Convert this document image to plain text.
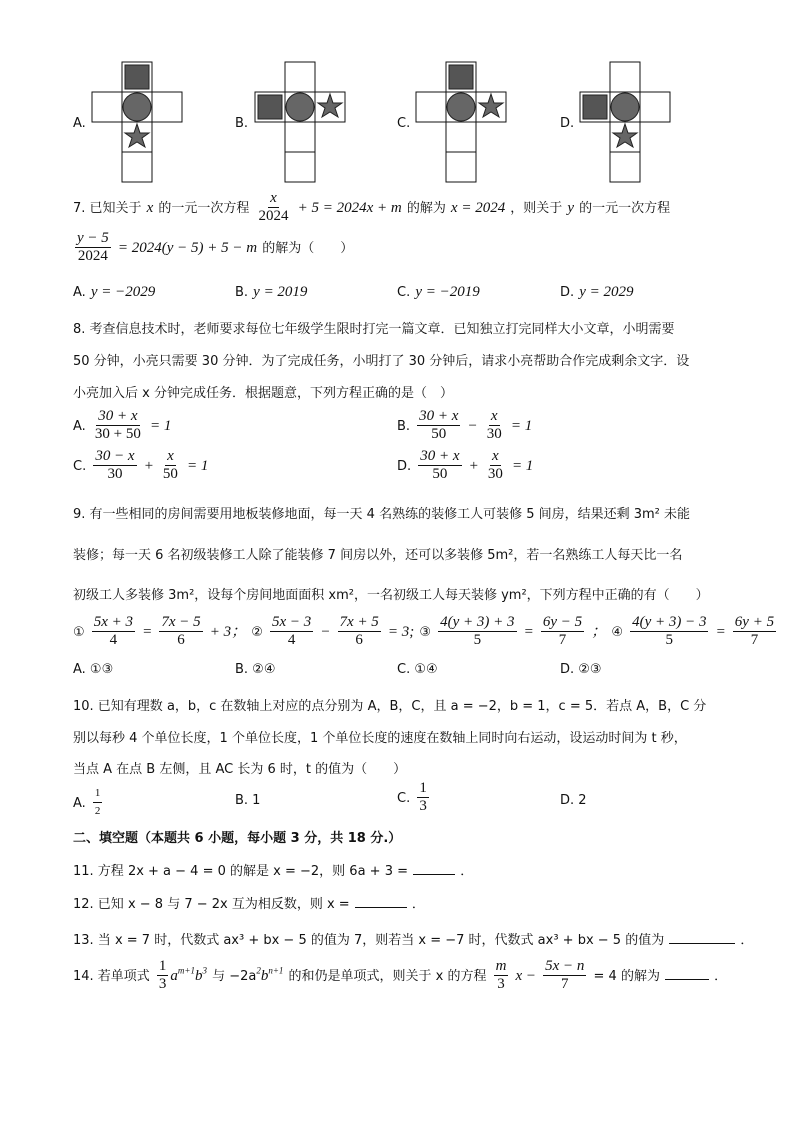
A.	B.	C.	D.
7. 已知关于 x 的一元一次方程 $\frac{x}{2024} + 5 = 2024x + m$ 的解为 x = 2024 ，则关于 y 的一元一次方程
$\frac{y - 5}{2024} = 2024(y - 5) + 5 - m$ 的解为（　　）
A. y = −2029	B. y = 2019	C. y = −2019	D. y = 2029
8. 考查信息技术时，老师要求每位七年级学生限时打完一篇文章．已知独立打完同样大小文章，小明需要
50 分钟，小亮只需要 30 分钟．为了完成任务，小明打了 30 分钟后，请求小亮帮助合作完成剩余文字．设
小亮加入后 x 分钟完成任务．根据题意，下列方程正确的是（　）
A. $\frac{30 + x}{30 + 50} = 1$	B. $\frac{30 + x}{50} - \frac{x}{30} = 1$
C. $\frac{30 - x}{30} + \frac{x}{50} = 1$	D. $\frac{30 + x}{50} + \frac{x}{30} = 1$
9. 有一些相同的房间需要用地板装修地面，每一天 4 名熟练的装修工人可装修 5 间房，结果还剩 3m² 未能
装修；每一天 6 名初级装修工人除了能装修 7 间房以外，还可以多装修 5m²，若一名熟练工人每天比一名
初级工人多装修 3m²，设每个房间地面面积 xm²，一名初级工人每天装修 ym²，下列方程中正确的有（　　）
① $\frac{5x + 3}{4} = \frac{7x - 5}{6} + 3$； ② $\frac{5x - 3}{4} - \frac{7x + 5}{6} = 3$; ③ $\frac{4(y + 3) + 3}{5} = \frac{6y - 5}{7}$ ； ④ $\frac{4(y + 3) - 3}{5} = \frac{6y + 5}{7}$
A. ①③	B. ②④	C. ①④	D. ②③
10. 已知有理数 a，b，c 在数轴上对应的点分别为 A，B，C，且 a = −2，b = 1，c = 5．若点 A，B，C 分
别以每秒 4 个单位长度，1 个单位长度，1 个单位长度的速度在数轴上同时向右运动，设运动时间为 t 秒，
当点 A 在点 B 左侧，且 AC 长为 6 时，t 的值为（　　）
A. $\frac{1}{2}$	B. 1	C. $\frac{1}{3}$	D. 2
二、填空题（本题共 6 小题，每小题 3 分，共 18 分.）
11. 方程 2x + a − 4 = 0 的解是 x = −2，则 6a + 3 =	．
12. 已知 x − 8 与 7 − 2x 互为相反数，则 x =	．
13. 当 x = 7 时，代数式 ax³ + bx − 5 的值为 7，则若当 x = −7 时，代数式 ax³ + bx − 5 的值为	．
14. 若单项式 $\frac{1}{3} a^{m+1}b^3$ 与 $-2a^2b^{n+1}$ 的和仍是单项式，则关于 x 的方程 $\frac{m}{3}$ $x - \frac{5x - n}{7} = 4$ 的解为	．
